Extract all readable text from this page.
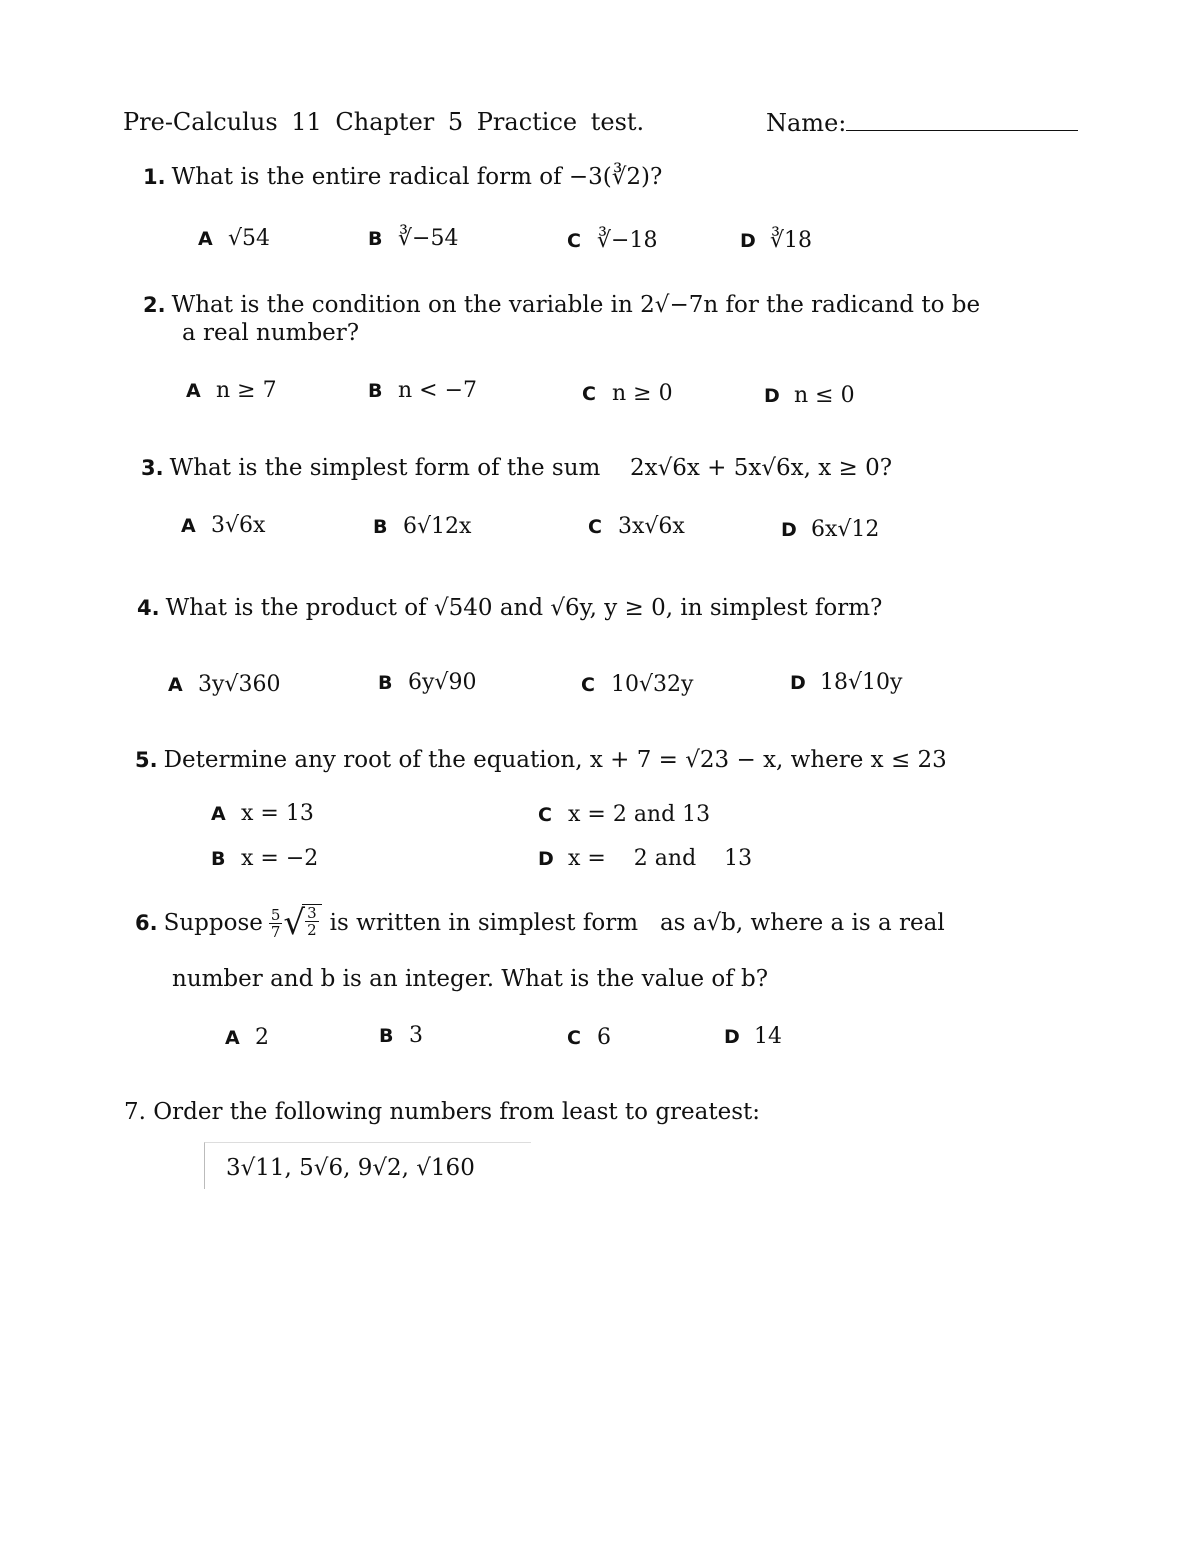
Pre-Calculus 11 Chapter 5 Practice test.	Name:
1. What is the entire radical form of −3(∛2)?
A √54	B ∛−54	C ∛−18	D ∛18
2. What is the condition on the variable in 2√−7n for the radicand to be
a real number?
A n ≥ 7	B n < −7	C n ≥ 0	D n ≤ 0
3. What is the simplest form of the sum 2x√6x + 5x√6x, x ≥ 0?
A 3√6x	B 6√12x	C 3x√6x	D 6x√12
4. What is the product of √540 and √6y, y ≥ 0, in simplest form?
A 3y√360	B 6y√90	C 10√32y	D 18√10y
5. Determine any root of the equation, x + 7 = √23 − x, where x ≤ 23
A x = 13
B x = −2
C x = 2 and 13
D x =    2 and    13
6. Suppose $\frac{5}{7}$ √
$\frac{3}{2}$ is written in simplest form   as a√b, where a is a real
number and b is an integer. What is the value of b?
A 2	B 3	C 6	D 14
7. Order the following numbers from least to greatest:
3√11, 5√6, 9√2, √160
